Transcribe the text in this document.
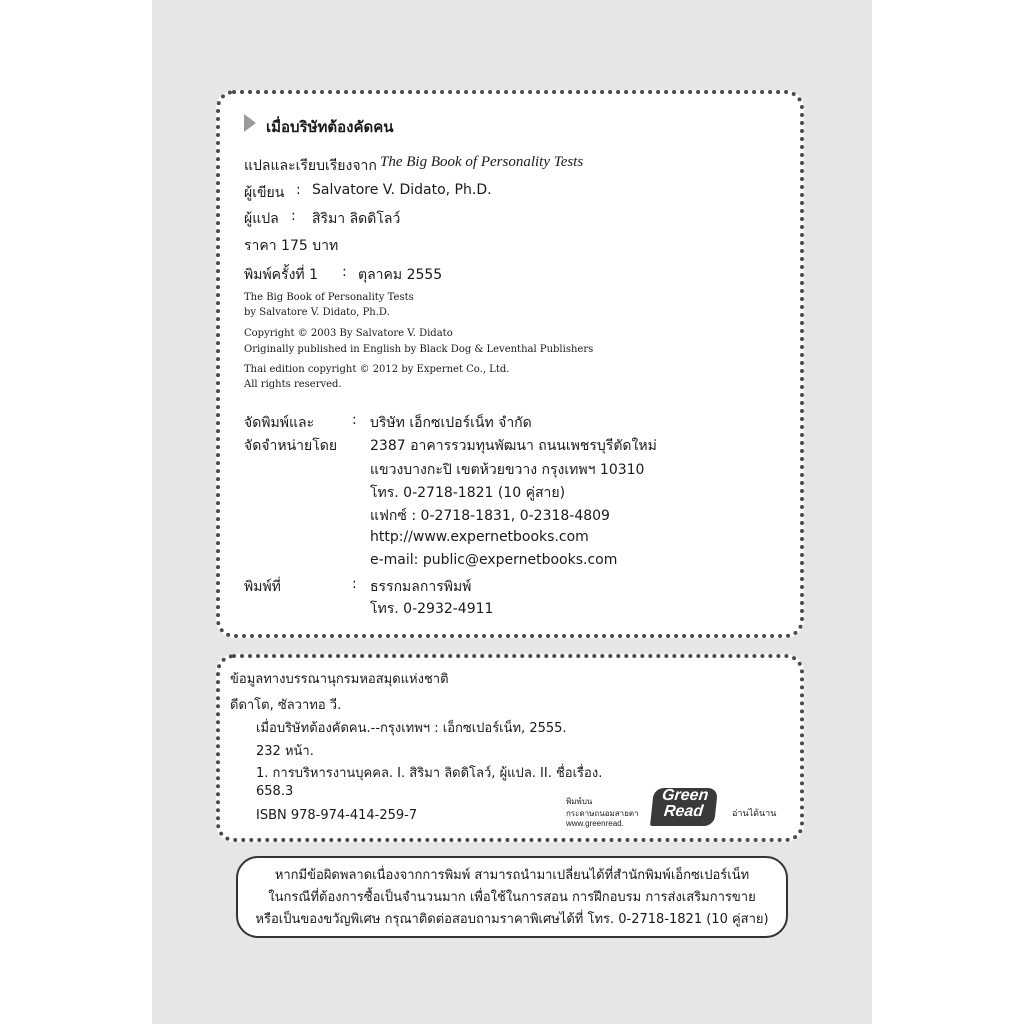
เมื่อบริษัทต้องคัดคน
แปลและเรียบเรียงจาก The Big Book of Personality Tests
ผู้เขียน : Salvatore V. Didato, Ph.D.
ผู้แปล : สิริมา ลิดดิโลว์
ราคา 175 บาท
พิมพ์ครั้งที่ 1 : ตุลาคม 2555
The Big Book of Personality Tests
by Salvatore V. Didato, Ph.D.
Copyright © 2003 By Salvatore V. Didato
Originally published in English by Black Dog & Leventhal Publishers
Thai edition copyright © 2012 by Expernet Co., Ltd.
All rights reserved.
จัดพิมพ์และ	: บริษัท เอ็กซเปอร์เน็ท จำกัด
จัดจำหน่ายโดย 2387 อาคารรวมทุนพัฒนา ถนนเพชรบุรีตัดใหม่
แขวงบางกะปิ เขตห้วยขวาง กรุงเทพฯ 10310
โทร. 0-2718-1821 (10 คู่สาย)
แฟกซ์ : 0-2718-1831, 0-2318-4809
http://www.expernetbooks.com
e-mail: public@expernetbooks.com
พิมพ์ที่	: ธรรกมลการพิมพ์
โทร. 0-2932-4911
ข้อมูลทางบรรณานุกรมหอสมุดแห่งชาติ
ดีดาโต, ซัลวาทอ วี.
เมื่อบริษัทต้องคัดคน.--กรุงเทพฯ : เอ็กซเปอร์เน็ท, 2555.
232 หน้า.
1. การบริหารงานบุคคล. I. สิริมา ลิดดิโลว์, ผู้แปล. II. ชื่อเรื่อง.
658.3
ISBN 978-974-414-259-7
พิมพ์บน
กระดาษถนอมสายตา
www.greenread.
Green
Read	อ่านได้นาน
หากมีข้อผิดพลาดเนื่องจากการพิมพ์ สามารถนำมาเปลี่ยนได้ที่สำนักพิมพ์เอ็กซเปอร์เน็ท
ในกรณีที่ต้องการซื้อเป็นจำนวนมาก เพื่อใช้ในการสอน การฝึกอบรม การส่งเสริมการขาย
หรือเป็นของขวัญพิเศษ กรุณาติดต่อสอบถามราคาพิเศษได้ที่ โทร. 0-2718-1821 (10 คู่สาย)
